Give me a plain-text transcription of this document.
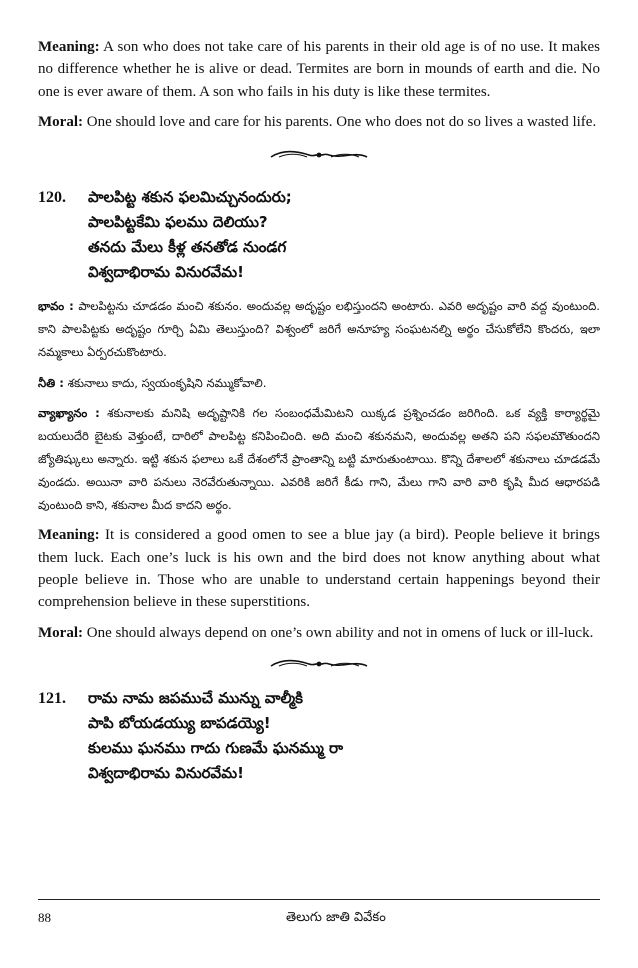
Meaning: A son who does not take care of his parents in their old age is of no use. It makes no difference whether he is alive or dead. Termites are born in mounds of earth and die. No one is ever aware of them. A son who fails in his duty is like these termites.

Moral: One should love and care for his parents. One who does not do so lives a wasted life.

120.	పాలపిట్ట శకున ఫలమిచ్చునందురు;
పాలపిట్టకేమి ఫలము దెలియు?
తనదు మేలు కీళ్ల తనతోడ నుండగ
విశ్వదాభిరామ వినురవేమ!

భావం : పాలపిట్టను చూడడం మంచి శకునం. అందువల్ల అదృష్టం లభిస్తుందని అంటారు. ఎవరి అదృష్టం వారి వద్ద వుంటుంది. కాని పాలపిట్టకు అదృష్టం గూర్చి ఏమి తెలుస్తుంది? విశ్వంలో జరిగే అనూహ్య సంఘటనల్ని అర్థం చేసుకోలేని కొందరు, ఇలా నమ్మకాలు ఏర్పరచుకొంటారు.

నీతి : శకునాలు కాదు, స్వయంకృషిని నమ్ముకోవాలి.

వ్యాఖ్యానం : శకునాలకు మనిషి అదృష్టానికి గల సంబంధమేమిటని యిక్కడ ప్రశ్నించడం జరిగింది. ఒక వ్యక్తి కార్యార్థమై బయలుదేరి బైటకు వెళ్తుంటే, దారిలో పాలపిట్ట కనిపించింది. అది మంచి శకునమని, అందువల్ల అతని పని సఫలమౌతుందని జ్యోతిష్కులు అన్నారు. ఇట్టి శకున ఫలాలు ఒకే దేశంలోనే ప్రాంతాన్ని బట్టి మారుతుంటాయి. కొన్ని దేశాలలో శకునాలు చూడడమే వుండదు. అయినా వారి పనులు నెరవేరుతున్నాయి. ఎవరికి జరిగే కీడు గాని, మేలు గాని వారి వారి కృషి మీద ఆధారపడి వుంటుంది కాని, శకునాల మీద కాదని అర్థం.

Meaning: It is considered a good omen to see a blue jay (a bird). People believe it brings them luck. Each one’s luck is his own and the bird does not know anything about what people believe in. Those who are unable to understand certain happenings beyond their comprehension believe in these superstitions.

Moral: One should always depend on one’s own ability and not in omens of luck or ill-luck.

121.	రామ నామ జపముచే మున్ను వాల్మీకి
పాపి బోయడయ్యు బాపడయ్యె!
కులము ఘనము గాదు గుణమే ఘనమ్ము రా
విశ్వదాభిరామ వినురవేమ!
88	తెలుగు జాతి వివేకం
